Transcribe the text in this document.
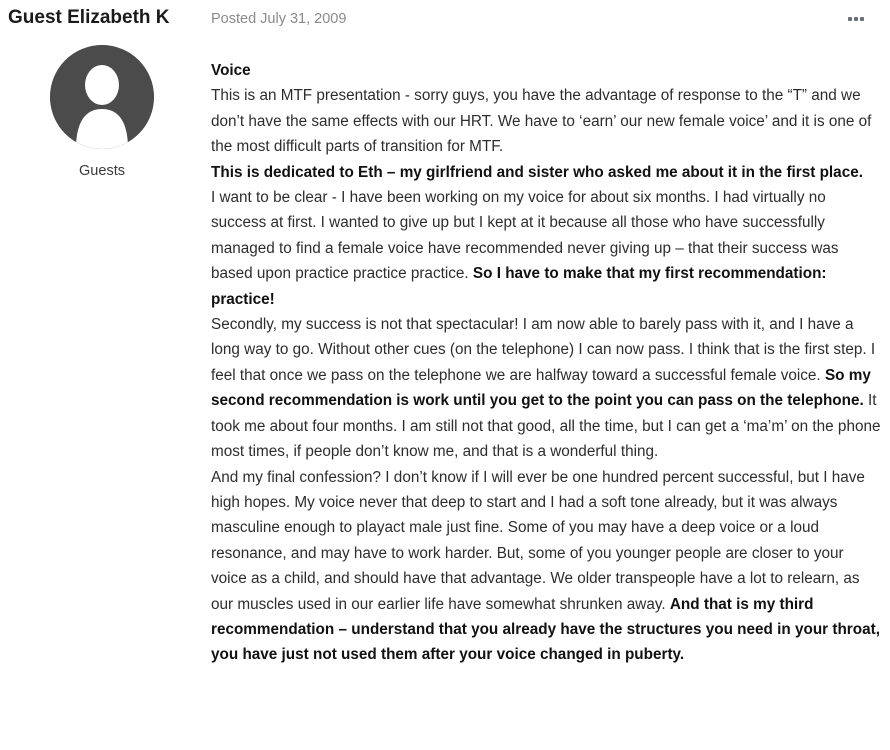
Guest Elizabeth K	Posted July 31, 2009
Guests

Voice

This is an MTF presentation - sorry guys, you have the advantage of response to the “T” and we don’t have the same effects with our HRT. We have to ‘earn’ our new female voice’ and it is one of the most difficult parts of transition for MTF.

This is dedicated to Eth – my girlfriend and sister who asked me about it in the first place.

I want to be clear - I have been working on my voice for about six months. I had virtually no success at first. I wanted to give up but I kept at it because all those who have successfully managed to find a female voice have recommended never giving up – that their success was based upon practice practice practice. So I have to make that my first recommendation: practice!

Secondly, my success is not that spectacular! I am now able to barely pass with it, and I have a long way to go. Without other cues (on the telephone) I can now pass. I think that is the first step. I feel that once we pass on the telephone we are halfway toward a successful female voice. So my second recommendation is work until you get to the point you can pass on the telephone. It took me about four months. I am still not that good, all the time, but I can get a ‘ma’m’ on the phone most times, if people don’t know me, and that is a wonderful thing.

And my final confession? I don’t know if I will ever be one hundred percent successful, but I have high hopes. My voice never that deep to start and I had a soft tone already, but it was always masculine enough to playact male just fine. Some of you may have a deep voice or a loud resonance, and may have to work harder. But, some of you younger people are closer to your voice as a child, and should have that advantage. We older transpeople have a lot to relearn, as our muscles used in our earlier life have somewhat shrunken away. And that is my third recommendation – understand that you already have the structures you need in your throat, you have just not used them after your voice changed in puberty.
